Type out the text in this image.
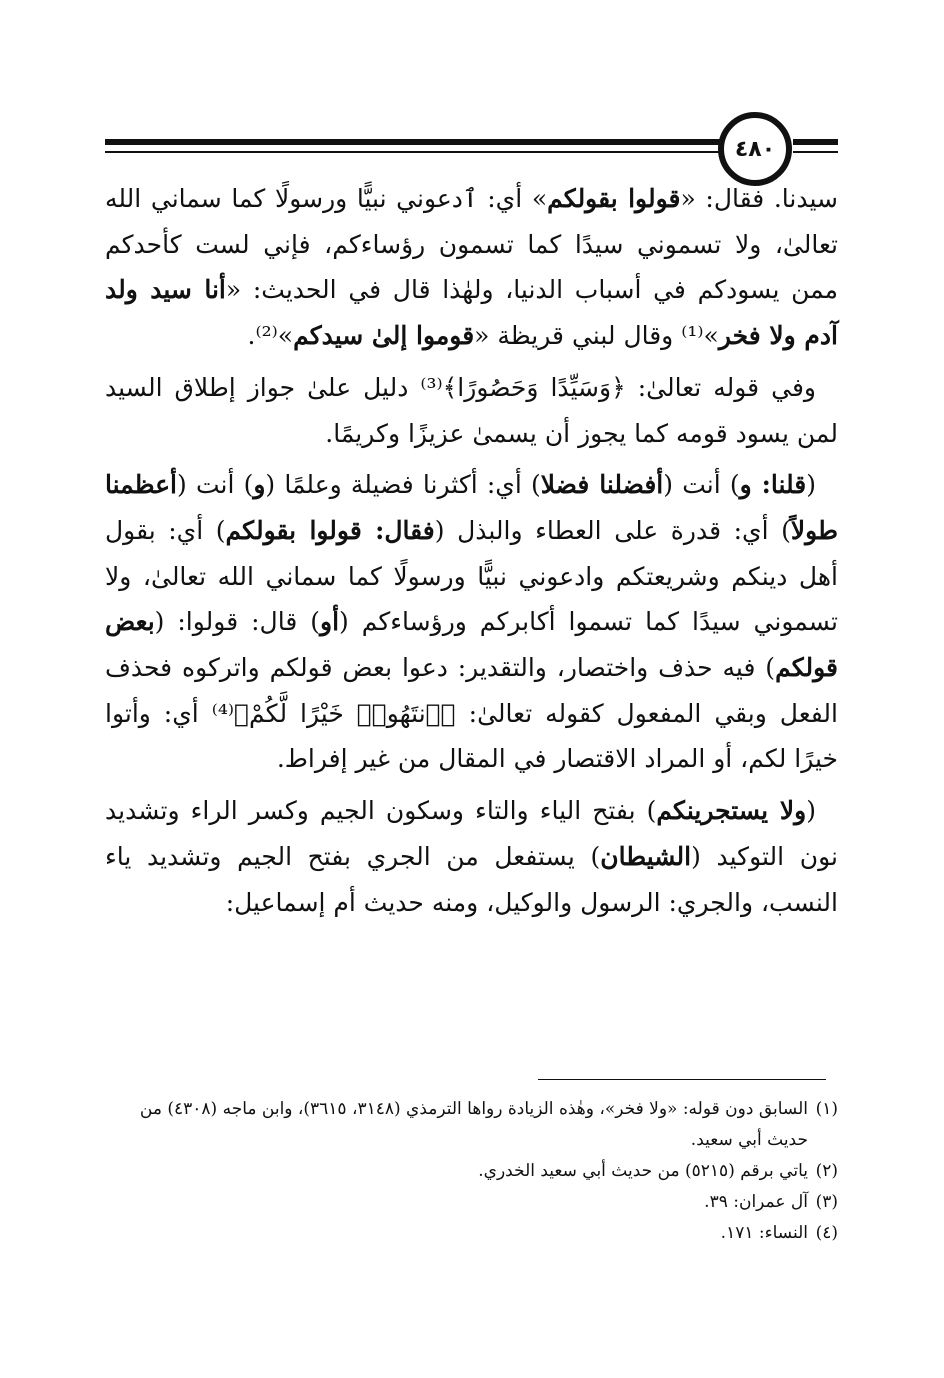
٤٨٠

سيدنا. فقال: «قولوا بقولكم» أي: ٱدعوني نبيًّا ورسولًا كما سماني الله تعالىٰ، ولا تسموني سيدًا كما تسمون رؤساءكم، فإني لست كأحدكم ممن يسودكم في أسباب الدنيا، ولهٰذا قال في الحديث: «أنا سيد ولد آدم ولا فخر»⁽¹⁾ وقال لبني قريظة «قوموا إلىٰ سيدكم»⁽²⁾.

وفي قوله تعالىٰ: ﴿وَسَيِّدًا وَحَصُورًا﴾⁽³⁾ دليل علىٰ جواز إطلاق السيد لمن يسود قومه كما يجوز أن يسمىٰ عزيزًا وكريمًا.

(قلنا: و) أنت (أفضلنا فضلا) أي: أكثرنا فضيلة وعلمًا (و) أنت (أعظمنا طولاً) أي: قدرة على العطاء والبذل (فقال: قولوا بقولكم) أي: بقول أهل دينكم وشريعتكم وادعوني نبيًّا ورسولًا كما سماني الله تعالىٰ، ولا تسموني سيدًا كما تسموا أكابركم ورؤساءكم (أو) قال: قولوا: (بعض قولكم) فيه حذف واختصار، والتقدير: دعوا بعض قولكم واتركوه فحذف الفعل وبقي المفعول كقوله تعالىٰ: ﴿ٱنتَهُوا۟ خَيْرًا لَّكُمْ﴾⁽⁴⁾ أي: وأتوا خيرًا لكم، أو المراد الاقتصار في المقال من غير إفراط.

(ولا يستجرينكم) بفتح الياء والتاء وسكون الجيم وكسر الراء وتشديد نون التوكيد (الشيطان) يستفعل من الجري بفتح الجيم وتشديد ياء النسب، والجري: الرسول والوكيل، ومنه حديث أم إسماعيل:

(١)
السابق دون قوله: «ولا فخر»، وهٰذه الزيادة رواها الترمذي (٣١٤٨، ٣٦١٥)، وابن ماجه (٤٣٠٨) من حديث أبي سعيد.
(٢)
ياتي برقم (٥٢١٥) من حديث أبي سعيد الخدري.
(٣)
آل عمران: ٣٩.
(٤)
النساء: ١٧١.
